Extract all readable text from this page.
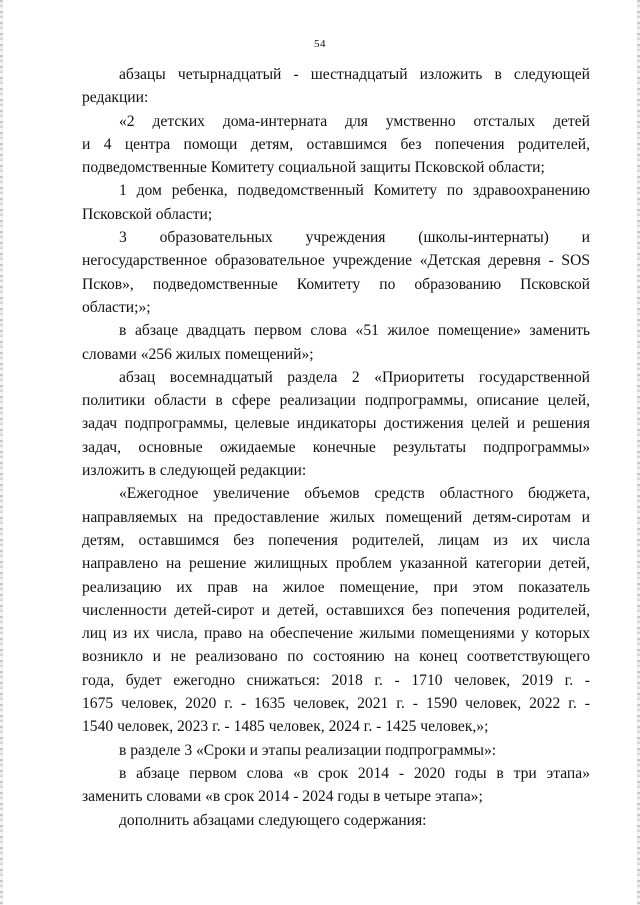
54
абзацы четырнадцатый - шестнадцатый изложить в следующей
редакции:
«2 детских дома-интерната для умственно отсталых детей
и 4 центра помощи детям, оставшимся без попечения родителей,
подведомственные Комитету социальной защиты Псковской области;
1 дом ребенка, подведомственный Комитету по здравоохранению
Псковской области;
3 образовательных учреждения (школы-интернаты) и
негосударственное образовательное учреждение «Детская деревня - SOS
Псков», подведомственные Комитету по образованию Псковской
области;»;
в абзаце двадцать первом слова «51 жилое помещение» заменить
словами «256 жилых помещений»;
абзац восемнадцатый раздела 2 «Приоритеты государственной
политики области в сфере реализации подпрограммы, описание целей,
задач подпрограммы, целевые индикаторы достижения целей и решения
задач, основные ожидаемые конечные результаты подпрограммы»
изложить в следующей редакции:
«Ежегодное увеличение объемов средств областного бюджета,
направляемых на предоставление жилых помещений детям-сиротам и
детям, оставшимся без попечения родителей, лицам из их числа
направлено на решение жилищных проблем указанной категории детей,
реализацию их прав на жилое помещение, при этом показатель
численности детей-сирот и детей, оставшихся без попечения родителей,
лиц из их числа, право на обеспечение жилыми помещениями у которых
возникло и не реализовано по состоянию на конец соответствующего
года, будет ежегодно снижаться: 2018 г. - 1710 человек, 2019 г. -
1675 человек, 2020 г. - 1635 человек, 2021 г. - 1590 человек, 2022 г. -
1540 человек, 2023 г. - 1485 человек, 2024 г. - 1425 человек,»;
в разделе 3 «Сроки и этапы реализации подпрограммы»:
в абзаце первом слова «в срок 2014 - 2020 годы в три этапа»
заменить словами «в срок 2014 - 2024 годы в четыре этапа»;
дополнить абзацами следующего содержания:
